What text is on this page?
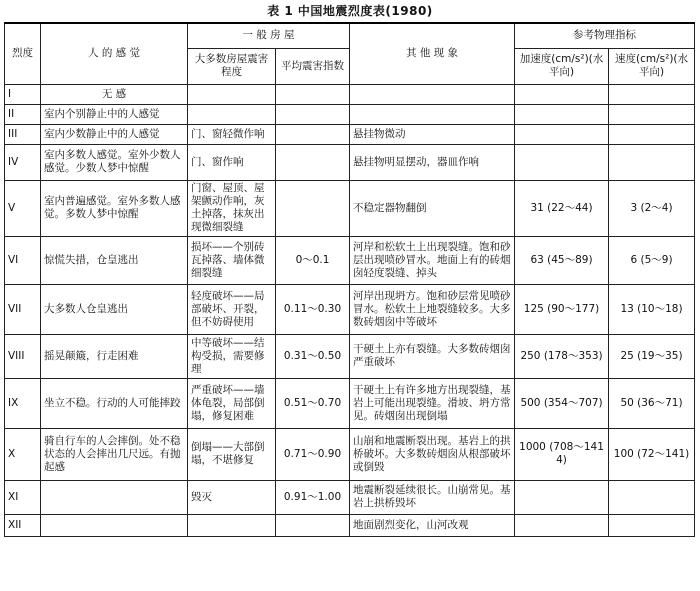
表 1 中国地震烈度表(1980)
烈度	人 的 感 觉	一 般 房 屋		其 他 现 象	参考物理指标	
		大多数房屋震害程度	平均震害指数		加速度(cm/s²)(水平向)	速度(cm/s²)(水平向)
I	无 感					
II	室内个别静止中的人感觉					
III	室内少数静止中的人感觉	门、窗轻微作响		悬挂物微动		
IV	室内多数人感觉。室外少数人感觉。少数人梦中惊醒	门、窗作响		悬挂物明显摆动，器皿作响		
V	室内普遍感觉。室外多数人感觉。多数人梦中惊醒	门窗、屋顶、屋架颤动作响，灰土掉落，抹灰出现微细裂缝		不稳定器物翻倒	31 (22～44)	3 (2～4)
VI	惊慌失措，仓皇逃出	损坏——个别砖瓦掉落、墙体微细裂缝	0～0.1	河岸和松软土上出现裂缝。饱和砂层出现喷砂冒水。地面上有的砖烟囱轻度裂缝、掉头	63 (45～89)	6 (5～9)
VII	大多数人仓皇逃出	轻度破坏——局部破坏、开裂，但不妨碍使用	0.11～0.30	河岸出现坍方。饱和砂层常见喷砂冒水。松软土上地裂缝较多。大多数砖烟囱中等破坏	125 (90～177)	13 (10～18)
VIII	摇晃颠簸，行走困难	中等破坏——结构受损，需要修理	0.31～0.50	干硬土上亦有裂缝。大多数砖烟囱严重破坏	250 (178～353)	25 (19～35)
IX	坐立不稳。行动的人可能摔跤	严重破坏——墙体龟裂，局部倒塌，修复困难	0.51～0.70	干硬土上有许多地方出现裂缝，基岩上可能出现裂缝。滑坡、坍方常见。砖烟囱出现倒塌	500 (354～707)	50 (36～71)
X	骑自行车的人会摔倒。处不稳状态的人会摔出几尺远。有抛起感	倒塌——大部倒塌，不堪修复	0.71～0.90	山崩和地震断裂出现。基岩上的拱桥破坏。大多数砖烟囱从根部破坏或倒毁	1000 (708～1414)	100 (72～141)
XI		毁灭	0.91～1.00	地震断裂延续很长。山崩常见。基岩上拱桥毁坏		
XII				地面剧烈变化，山河改观		
